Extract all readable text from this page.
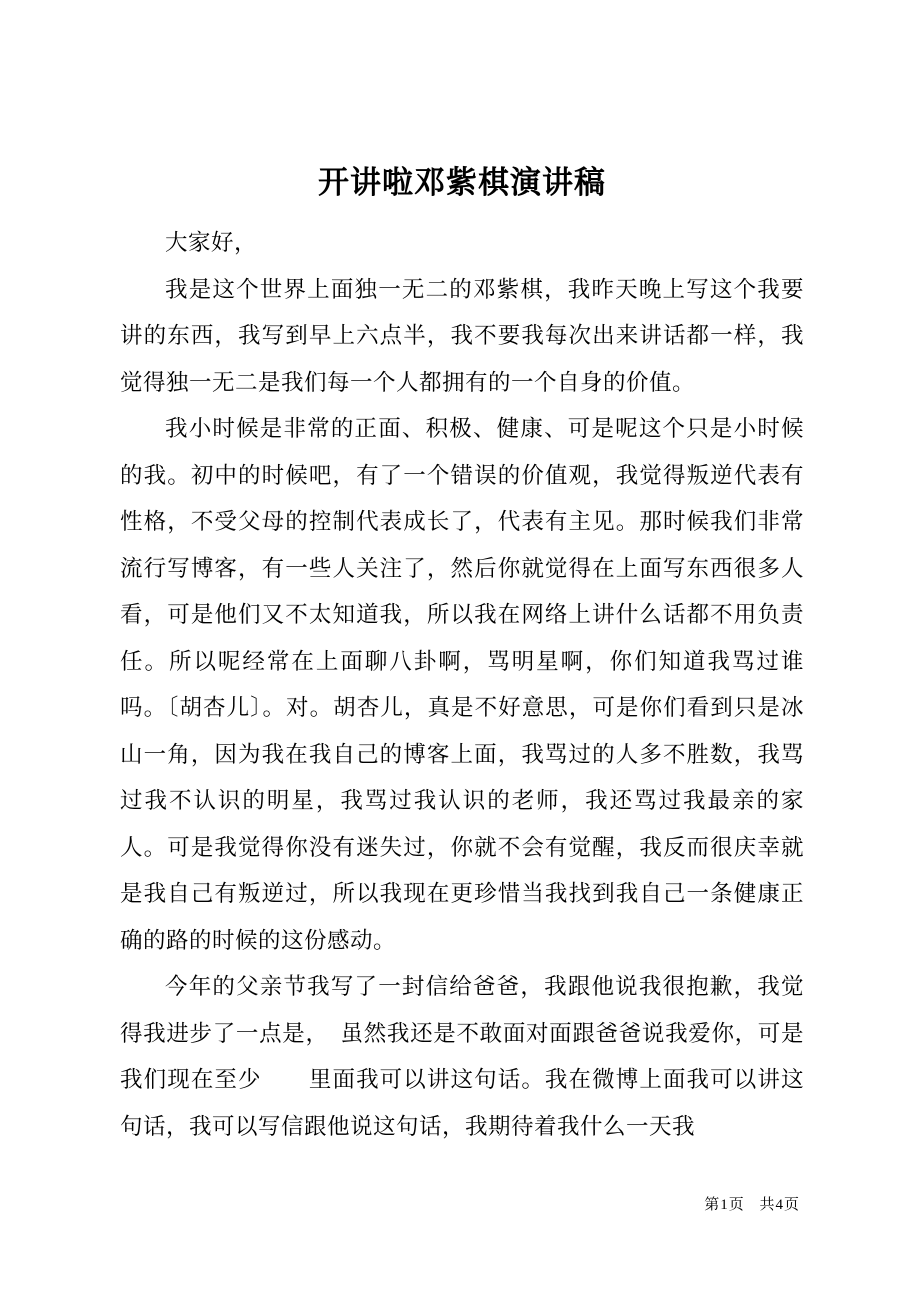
开讲啦邓紫棋演讲稿

大家好，

我是这个世界上面独一无二的邓紫棋，我昨天晚上写这个我要讲的东西，我写到早上六点半，我不要我每次出来讲话都一样，我觉得独一无二是我们每一个人都拥有的一个自身的价值。

我小时候是非常的正面、积极、健康、可是呢这个只是小时候的我。初中的时候吧，有了一个错误的价值观，我觉得叛逆代表有性格，不受父母的控制代表成长了，代表有主见。那时候我们非常流行写博客，有一些人关注了，然后你就觉得在上面写东西很多人看，可是他们又不太知道我，所以我在网络上讲什么话都不用负责任。所以呢经常在上面聊八卦啊，骂明星啊，你们知道我骂过谁吗。〔胡杏儿〕。对。胡杏儿，真是不好意思，可是你们看到只是冰山一角，因为我在我自己的博客上面，我骂过的人多不胜数，我骂过我不认识的明星，我骂过我认识的老师，我还骂过我最亲的家人。可是我觉得你没有迷失过，你就不会有觉醒，我反而很庆幸就是我自己有叛逆过，所以我现在更珍惜当我找到我自己一条健康正确的路的时候的这份感动。

今年的父亲节我写了一封信给爸爸，我跟他说我很抱歉，我觉得我进步了一点是，　虽然我还是不敢面对面跟爸爸说我爱你，可是我们现在至少　　里面我可以讲这句话。我在微博上面我可以讲这句话，我可以写信跟他说这句话，我期待着我什么一天我

第1页 共4页
